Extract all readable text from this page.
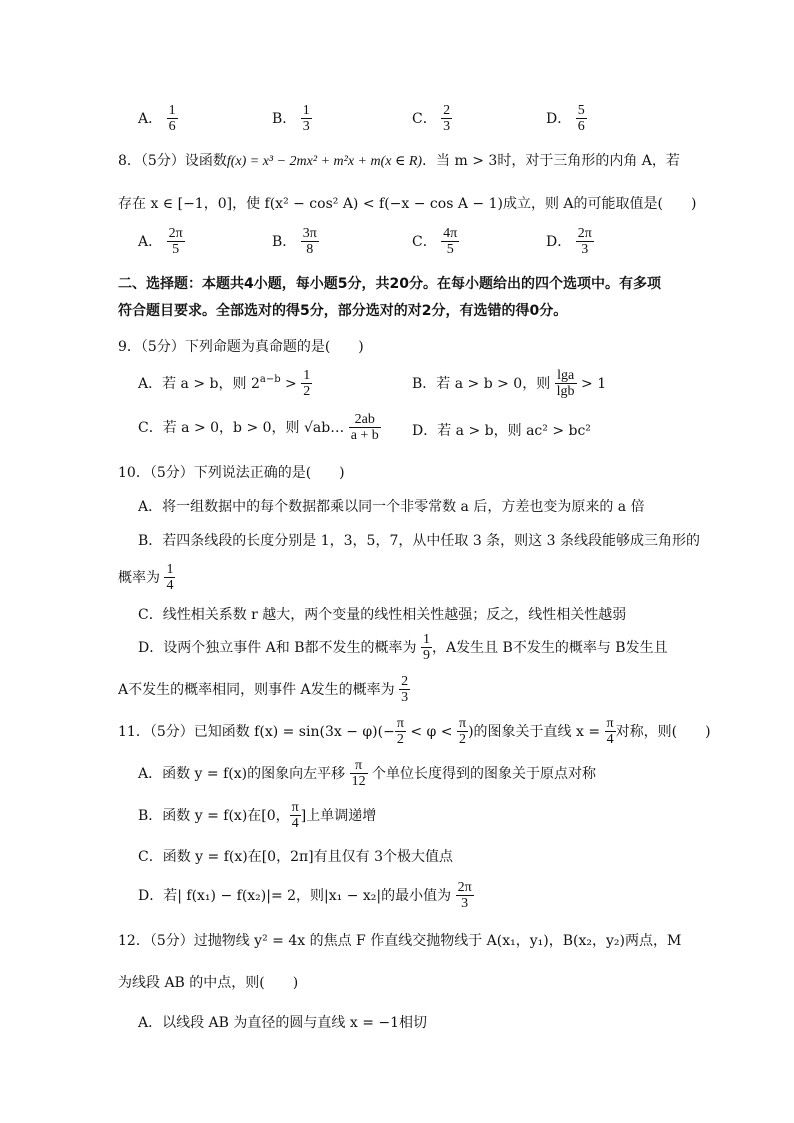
A． $\frac{1}{6}$	B． $\frac{1}{3}$	C． $\frac{2}{3}$	D． $\frac{5}{6}$
8．（5分）设函数f(x) = x³ − 2mx² + m²x + m(x ∈ R)．当 m > 3时，对于三角形的内角 A，若
存在 x ∈ [−1，0]，使 f(x² − cos² A) < f(−x − cos A − 1)成立，则 A的可能取值是(　　)
A． $\frac{2\pi}{5}$	B． $\frac{3\pi}{8}$	C． $\frac{4\pi}{5}$	D． $\frac{2\pi}{3}$
二、选择题：本题共4小题，每小题5分，共20分。在每小题给出的四个选项中。有多项
符合题目要求。全部选对的得5分，部分选对的对2分，有选错的得0分。
9．（5分）下列命题为真命题的是(　　)
A．若 a > b，则 $2^{a-b} > \frac{1}{2}$	B．若 a > b > 0，则 $\frac{\lg a}{\lg b} > 1$
C．若 a > 0，b > 0，则 √ab… $\frac{2ab}{a + b}$ D．若 a > b，则 ac² > bc²
10．（5分）下列说法正确的是(　　)
A．将一组数据中的每个数据都乘以同一个非零常数 a 后，方差也变为原来的 a 倍
B．若四条线段的长度分别是 1，3，5，7，从中任取 3 条，则这 3 条线段能够成三角形的
概率为 $\frac{1}{4}$
C．线性相关系数 r 越大，两个变量的线性相关性越强；反之，线性相关性越弱
D．设两个独立事件 A和 B都不发生的概率为 $\frac{1}{9}$ ，A发生且 B不发生的概率与 B发生且
A不发生的概率相同，则事件 A发生的概率为 $\frac{2}{3}$
11．（5分）已知函数 $f(x) = \sin(3x - \varphi)(- \frac{\pi}{2} < \varphi < \frac{\pi}{2}$ )的图象关于直线 $x = \frac{\pi}{4}$ 对称，则(　　)
A．函数 y = f(x)的图象向左平移 $\frac{\pi}{12}$ 个单位长度得到的图象关于原点对称
B．函数 y = f(x)在[0， $\frac{\pi}{4}$ ]上单调递增
C．函数 y = f(x)在[0，2π]有且仅有 3个极大值点
D．若| f(x₁) − f(x₂)|= 2，则|x₁ − x₂|的最小值为 $\frac{2\pi}{3}$
12．（5分）过抛物线 y² = 4x 的焦点 F 作直线交抛物线于 A(x₁，y₁)，B(x₂，y₂)两点，M
为线段 AB 的中点，则(　　)
A．以线段 AB 为直径的圆与直线 x = −1相切
